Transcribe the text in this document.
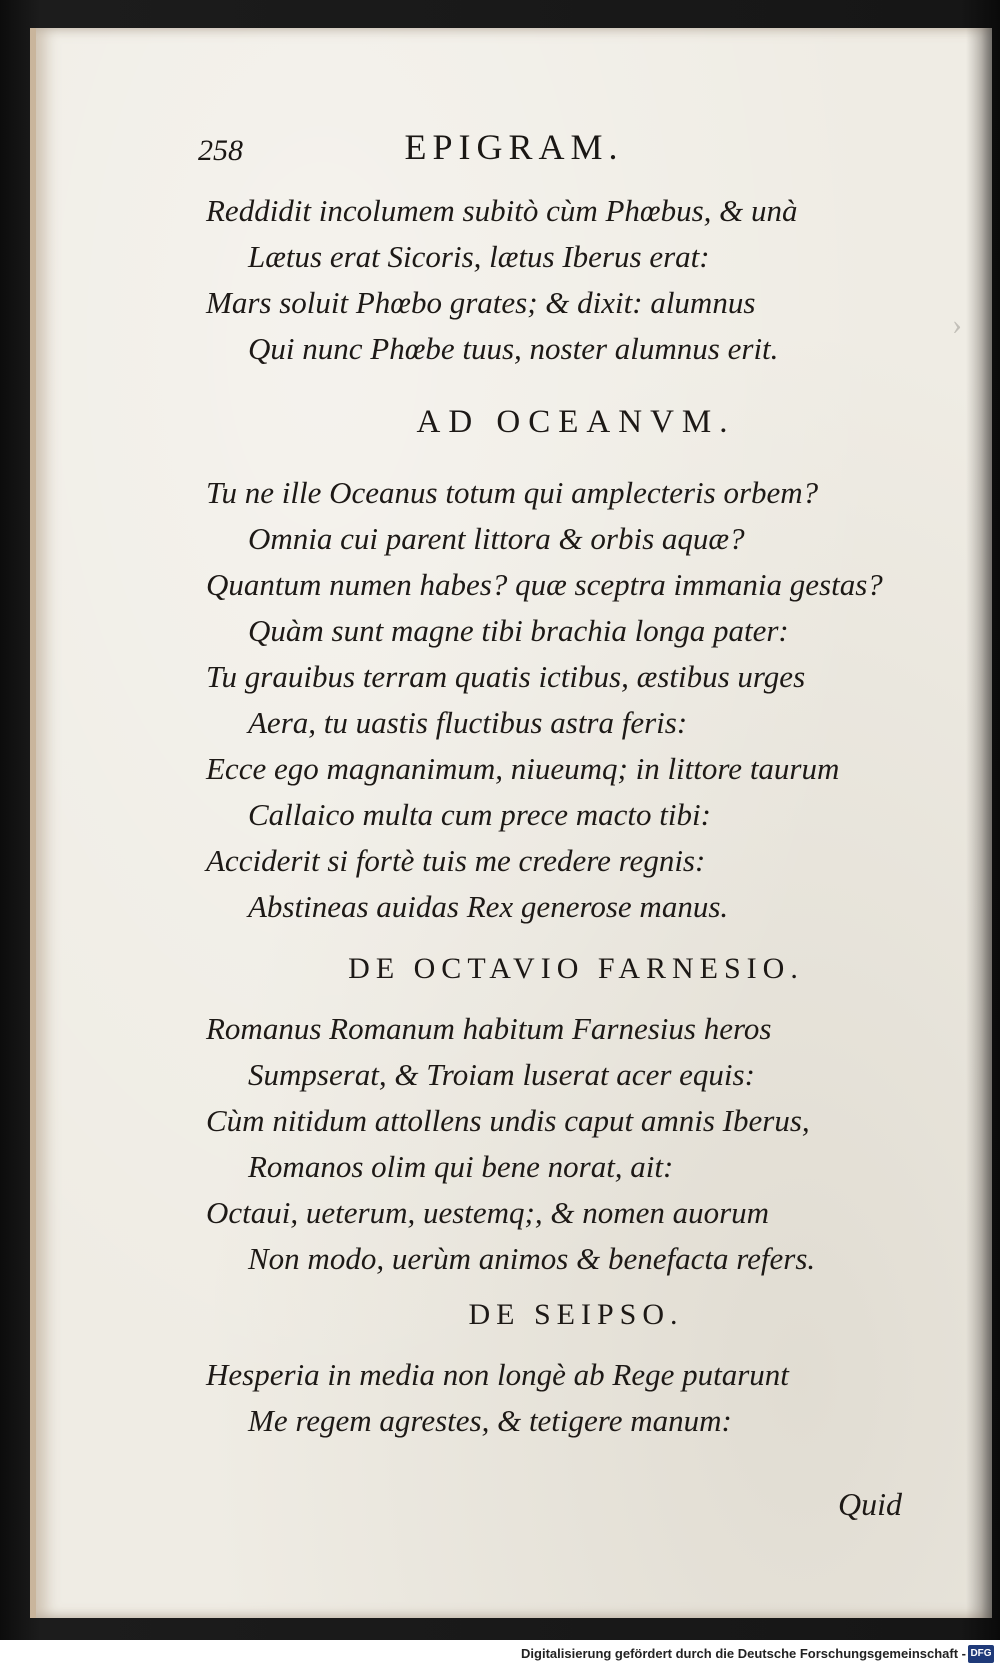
258	EPIGRAM.
›
Reddidit incolumem subitò cùm Phœbus, & unà
Lætus erat Sicoris, lætus Iberus erat:
Mars soluit Phœbo grates; & dixit: alumnus
Qui nunc Phœbe tuus, noster alumnus erit.
AD OCEANVM.
Tu ne ille Oceanus totum qui amplecteris orbem?
Omnia cui parent littora & orbis aquæ?
Quantum numen habes? quæ sceptra immania gestas?
Quàm sunt magne tibi brachia longa pater:
Tu grauibus terram quatis ictibus, æstibus urges
Aera, tu uastis fluctibus astra feris:
Ecce ego magnanimum, niueumq; in littore taurum
Callaico multa cum prece macto tibi:
Acciderit si fortè tuis me credere regnis:
Abstineas auidas Rex generose manus.
DE OCTAVIO FARNESIO.
Romanus Romanum habitum Farnesius heros
Sumpserat, & Troiam luserat acer equis:
Cùm nitidum attollens undis caput amnis Iberus,
Romanos olim qui bene norat, ait:
Octaui, ueterum, uestemq;, & nomen auorum
Non modo, uerùm animos & benefacta refers.
DE SEIPSO.
Hesperia in media non longè ab Rege putarunt
Me regem agrestes, & tetigere manum:
Quid
Digitalisierung gefördert durch die Deutsche Forschungsgemeinschaft - DFG
